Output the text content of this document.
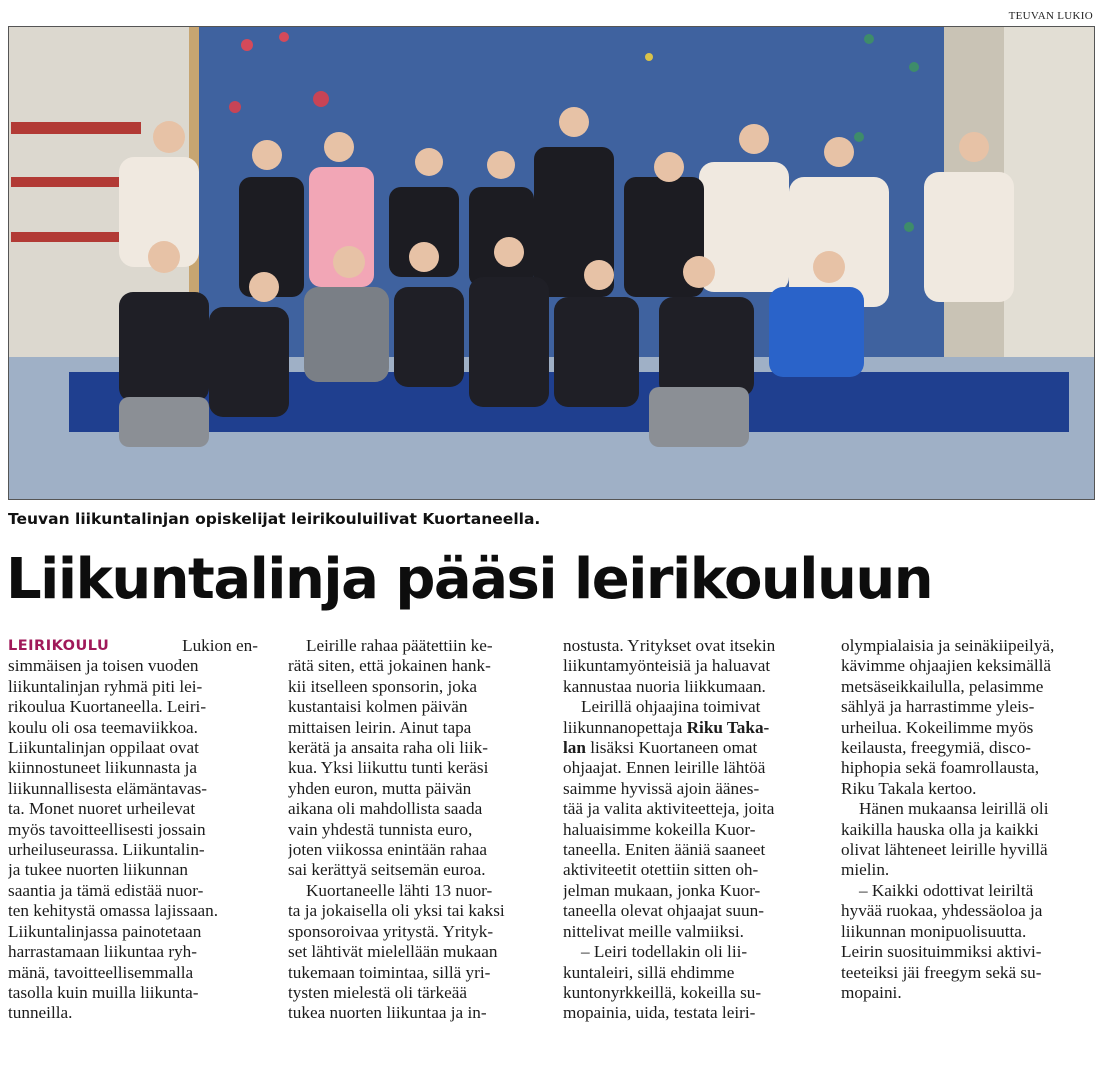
TEUVAN LUKIO
Teuvan liikuntalinjan opiskelijat leirikouluilivat Kuortaneella.
Liikuntalinja pääsi leirikouluun
LEIRIKOULU	Lukion en-
simmäisen ja toisen vuoden
liikuntalinjan ryhmä piti lei-
rikoulua Kuortaneella. Leiri-
koulu oli osa teemaviikkoa.
Liikuntalinjan oppilaat ovat
kiinnostuneet liikunnasta ja
liikunnallisesta elämäntavas-
ta. Monet nuoret urheilevat
myös tavoitteellisesti jossain
urheiluseurassa. Liikuntalin-
ja tukee nuorten liikunnan
saantia ja tämä edistää nuor-
ten kehitystä omassa lajissaan.
Liikuntalinjassa painotetaan
harrastamaan liikuntaa ryh-
mänä, tavoitteellisemmalla
tasolla kuin muilla liikunta-
tunneilla.
Leirille rahaa päätettiin ke-
rätä siten, että jokainen hank-
kii itselleen sponsorin, joka
kustantaisi kolmen päivän
mittaisen leirin. Ainut tapa
kerätä ja ansaita raha oli liik-
kua. Yksi liikuttu tunti keräsi
yhden euron, mutta päivän
aikana oli mahdollista saada
vain yhdestä tunnista euro,
joten viikossa enintään rahaa
sai kerättyä seitsemän euroa.
Kuortaneelle lähti 13 nuor-
ta ja jokaisella oli yksi tai kaksi
sponsoroivaa yritystä. Yrityk-
set lähtivät mielellään mukaan
tukemaan toimintaa, sillä yri-
tysten mielestä oli tärkeää
tukea nuorten liikuntaa ja in-
nostusta. Yritykset ovat itsekin
liikuntamyönteisiä ja haluavat
kannustaa nuoria liikkumaan.
Leirillä ohjaajina toimivat
liikunnanopettaja Riku Taka-
lan lisäksi Kuortaneen omat
ohjaajat. Ennen leirille lähtöä
saimme hyvissä ajoin äänes-
tää ja valita aktiviteetteja, joita
haluaisimme kokeilla Kuor-
taneella. Eniten ääniä saaneet
aktiviteetit otettiin sitten oh-
jelman mukaan, jonka Kuor-
taneella olevat ohjaajat suun-
nittelivat meille valmiiksi.
– Leiri todellakin oli lii-
kuntaleiri, sillä ehdimme
kuntonyrkkeillä, kokeilla su-
mopainia, uida, testata leiri-
olympialaisia ja seinäkiipeilyä,
kävimme ohjaajien keksimällä
metsäseikkailulla, pelasimme
sählyä ja harrastimme yleis-
urheilua. Kokeilimme myös
keilausta, freegymiä, disco-
hiphopia sekä foamrollausta,
Riku Takala kertoo.
Hänen mukaansa leirillä oli
kaikilla hauska olla ja kaikki
olivat lähteneet leirille hyvillä
mielin.
– Kaikki odottivat leiriltä
hyvää ruokaa, yhdessäoloa ja
liikunnan monipuolisuutta.
Leirin suosituimmiksi aktivi-
teeteiksi jäi freegym sekä su-
mopaini.
